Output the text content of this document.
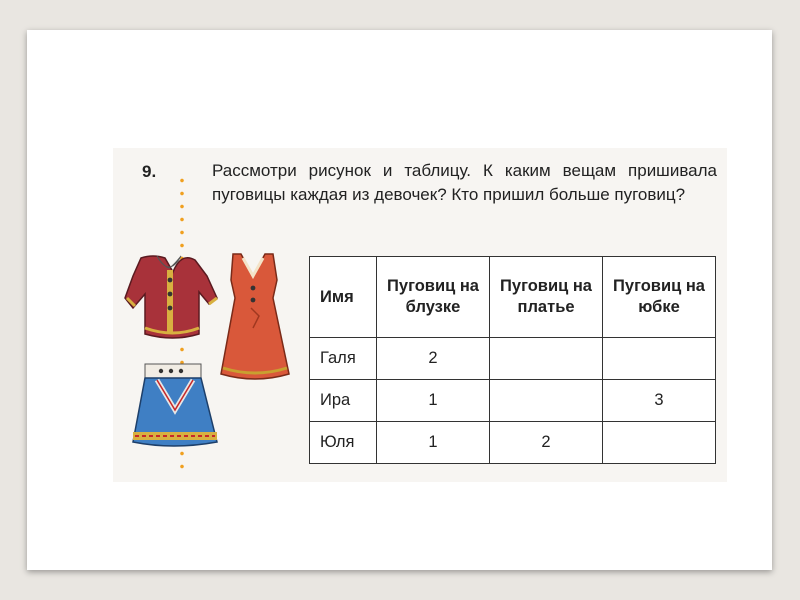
9.	Рассмотри рисунок и таблицу. К каким вещам пришивала пуговицы каждая из девочек? Кто пришил больше пуговиц?

Имя	Пуговиц на блузке	Пуговиц на платье	Пуговиц на юбке
Галя	2		
Ира	1		3
Юля	1	2	
